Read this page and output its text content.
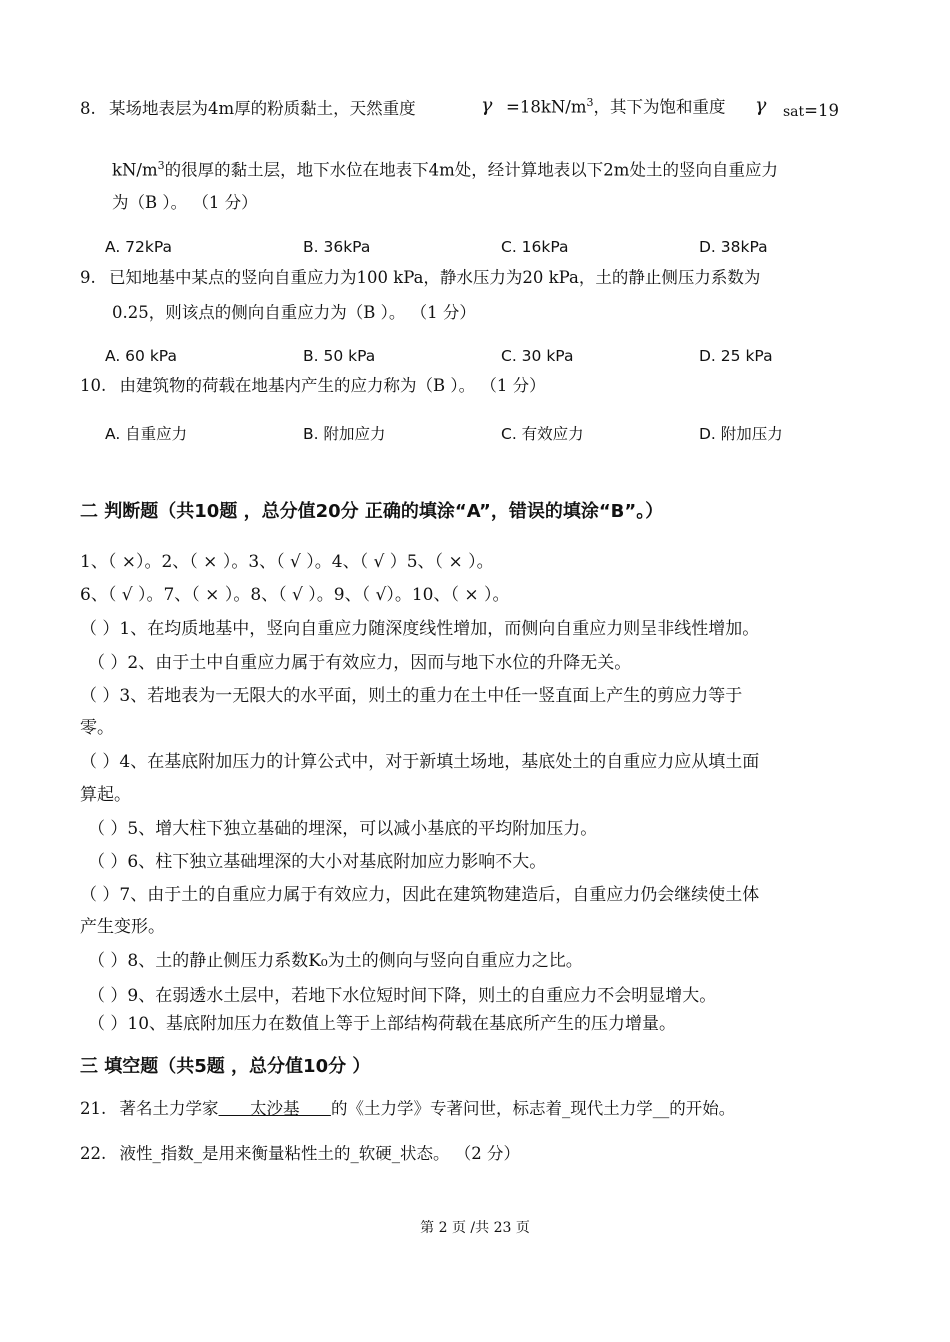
8. 某场地表层为4m厚的粉质黏土，天然重度	$\gamma =18kN/m^3$，其下为饱和重度 γ sat=19
$kN/m^3$的很厚的黏土层，地下水位在地表下4m处，经计算地表以下2m处土的竖向自重应力
为（B ）。 （1 分）
A. 72kPa	B. 36kPa	C. 16kPa	D. 38kPa
9. 已知地基中某点的竖向自重应力为100 kPa，静水压力为20 kPa，土的静止侧压力系数为
0.25，则该点的侧向自重应力为（B ）。 （1 分）
A. 60 kPa	B. 50 kPa	C. 30 kPa	D. 25 kPa
10. 由建筑物的荷载在地基内产生的应力称为（B ）。 （1 分）
A. 自重应力	B. 附加应力	C. 有效应力	D. 附加压力
二 判断题（共10题 ，总分值20分 正确的填涂“A”，错误的填涂“B”。）
1、（ ×）。2、（ × ）。3、（ √ ）。4、（ √ ）5、（ × ）。
6、（ √ ）。7、（ × ）。8、（ √ ）。9、（ √）。10、（ × ）。
（ ）1、在均质地基中，竖向自重应力随深度线性增加，而侧向自重应力则呈非线性增加。
（ ）2、由于土中自重应力属于有效应力，因而与地下水位的升降无关。
（ ）3、若地表为一无限大的水平面，则土的重力在土中任一竖直面上产生的剪应力等于
零。
（ ）4、在基底附加压力的计算公式中，对于新填土场地，基底处土的自重应力应从填土面
算起。
（ ）5、增大柱下独立基础的埋深，可以减小基底的平均附加压力。
（ ）6、柱下独立基础埋深的大小对基底附加应力影响不大。
（ ）7、由于土的自重应力属于有效应力，因此在建筑物建造后，自重应力仍会继续使土体
产生变形。
（ ）8、土的静止侧压力系数K₀为土的侧向与竖向自重应力之比。
（ ）9、在弱透水土层中，若地下水位短时间下降，则土的自重应力不会明显增大。
（ ）10、基底附加压力在数值上等于上部结构荷载在基底所产生的压力增量。
三 填空题（共5题 ，总分值10分 ）
21. 著名土力学家      太沙基      的《土力学》专著问世，标志着_现代土力学__的开始。
22. 液性_指数_是用来衡量粘性土的_软硬_状态。 （2 分）
第 2 页 /共 23 页
